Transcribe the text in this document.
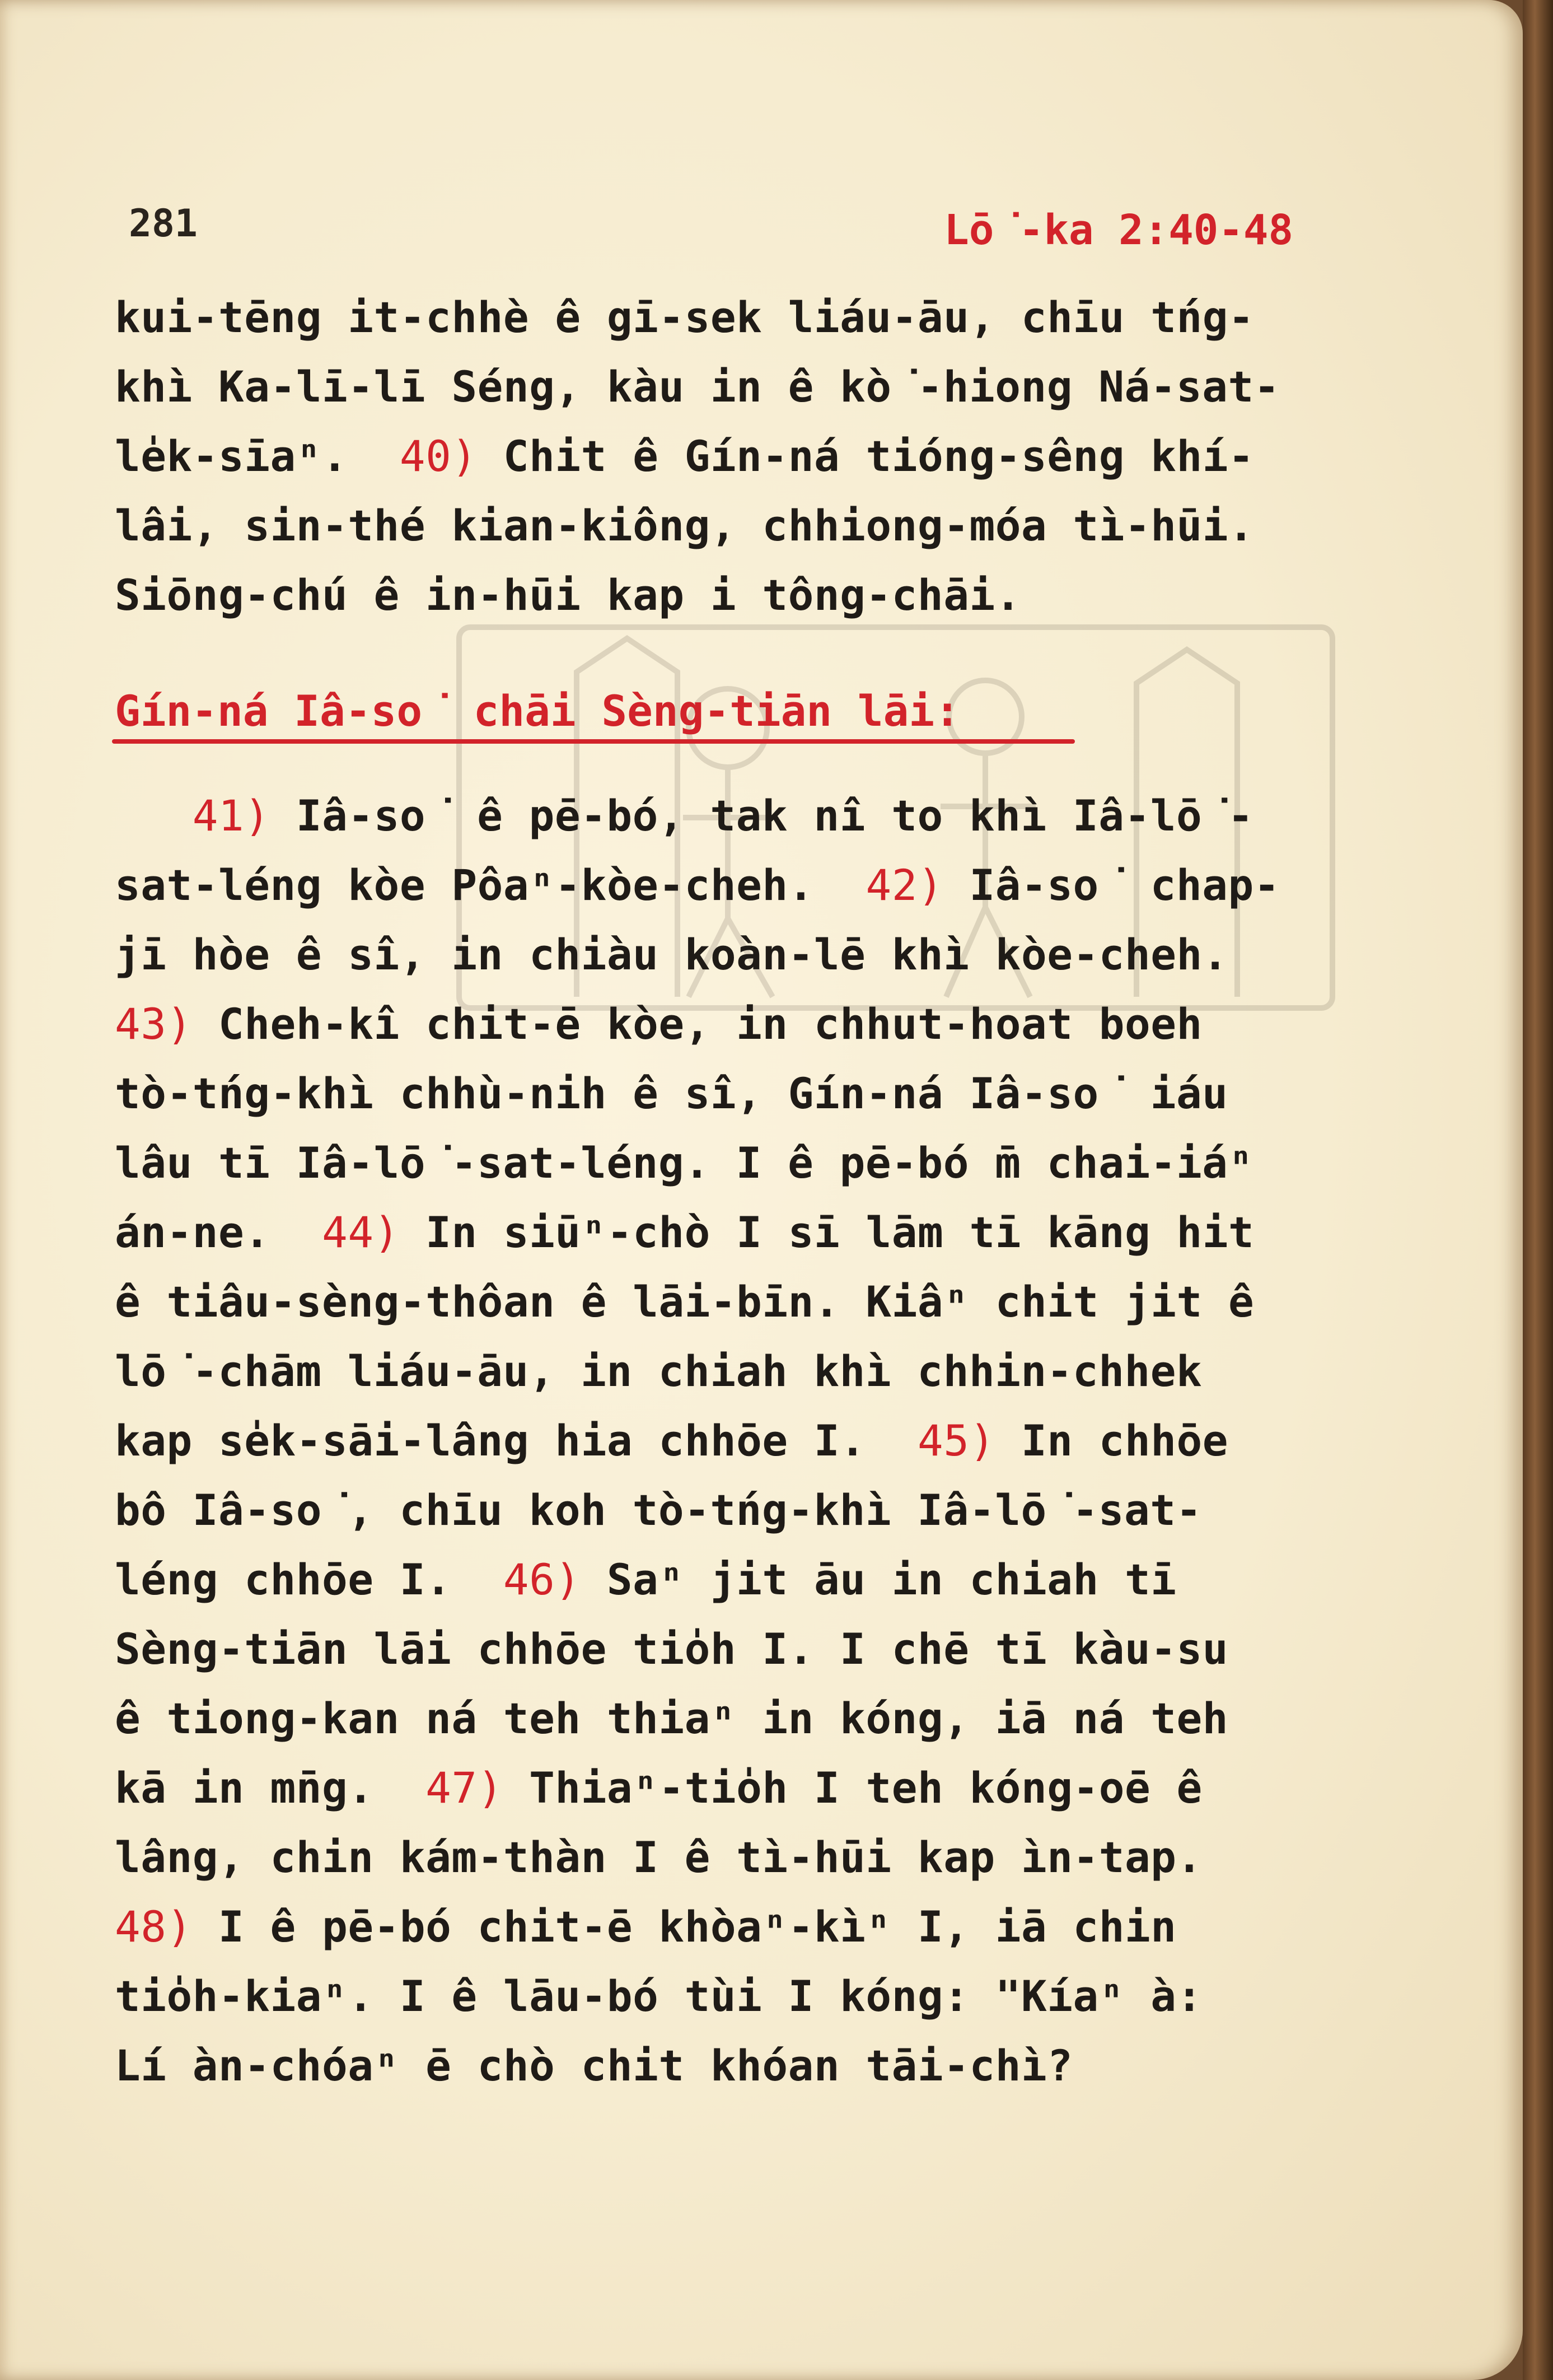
281	Lō͘-ka 2:40-48
kui-tēng it-chhè ê gī-sek liáu-āu, chīu tńg-
khì Ka-lī-lī Séng, kàu in ê kò͘-hiong Ná-sat-
le̍k-sīaⁿ. 40) Chit ê Gín-ná tióng-sêng khí-
lâi, sin-thé kian-kiông, chhiong-móa tì-hūi.
Siōng-chú ê in-hūi kap i tông-chāi.
Gín-ná Iâ-so͘ chāi Sèng-tiān lāi:
41) Iâ-so͘ ê pē-bó, tak nî to khì Iâ-lō͘-
sat-léng kòe Pôaⁿ-kòe-cheh. 42) Iâ-so͘ chap-
jī hòe ê sî, in chiàu koàn-lē khì kòe-cheh.
43) Cheh-kî chit-ē kòe, in chhut-hoat boeh
tò-tńg-khì chhù-nih ê sî, Gín-ná Iâ-so͘ iáu
lâu tī Iâ-lō͘-sat-léng. I ê pē-bó m̄ chai-iáⁿ
án-ne. 44) In siūⁿ-chò I sī lām tī kāng hit
ê tiâu-sèng-thôan ê lāi-bīn. Kiâⁿ chit jit ê
lō͘-chām liáu-āu, in chiah khì chhin-chhek
kap se̍k-sāi-lâng hia chhōe I. 45) In chhōe
bô Iâ-so͘, chīu koh tò-tńg-khì Iâ-lō͘-sat-
léng chhōe I. 46) Saⁿ jit āu in chiah tī
Sèng-tiān lāi chhōe tio̍h I. I chē tī kàu-su
ê tiong-kan ná teh thiaⁿ in kóng, iā ná teh
kā in mn̄g. 47) Thiaⁿ-tio̍h I teh kóng-oē ê
lâng, chin kám-thàn I ê tì-hūi kap ìn-tap.
48) I ê pē-bó chit-ē khòaⁿ-kìⁿ I, iā chin
tio̍h-kiaⁿ. I ê lāu-bó tùi I kóng: "Kíaⁿ à:
Lí àn-chóaⁿ ē chò chit khóan tāi-chì?
